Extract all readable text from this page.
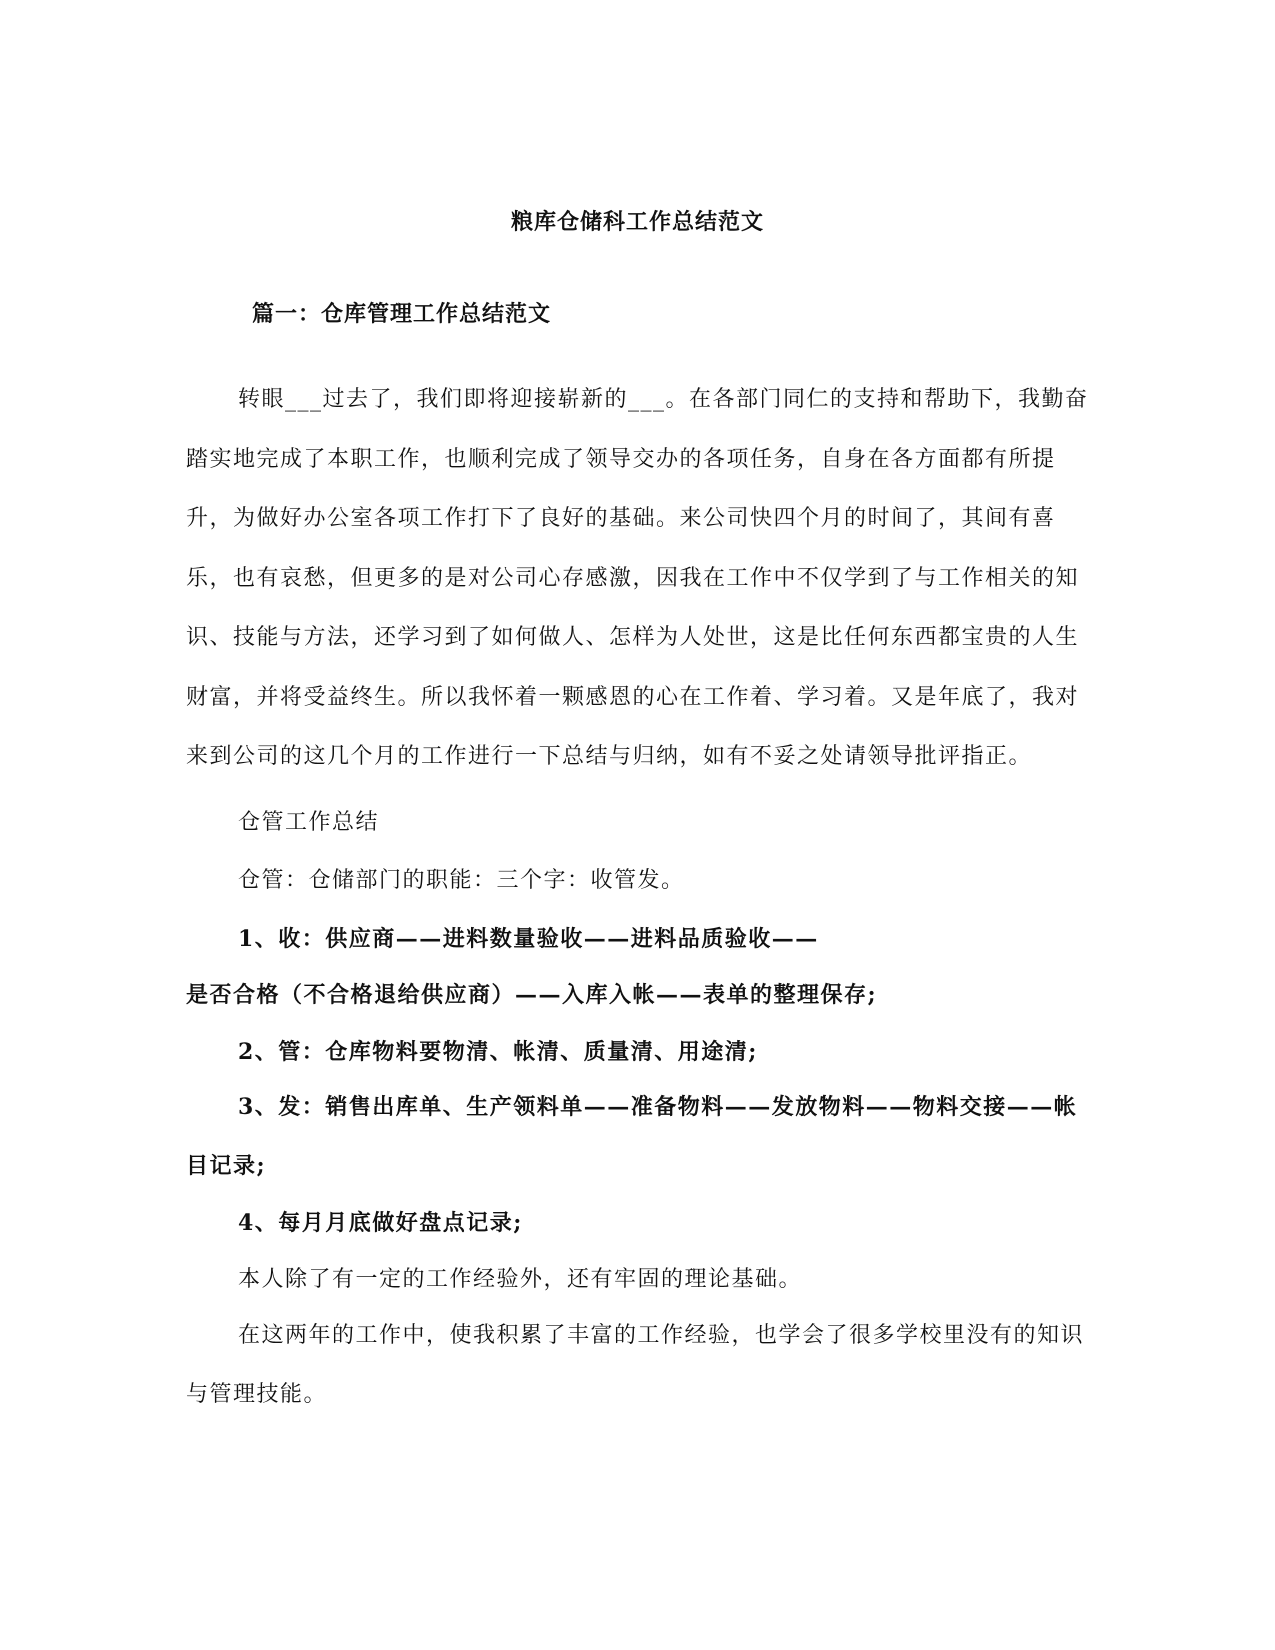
粮库仓储科工作总结范文
篇一：仓库管理工作总结范文
转眼___过去了，我们即将迎接崭新的___。在各部门同仁的支持和帮助下，我勤奋踏实地完成了本职工作，也顺利完成了领导交办的各项任务，自身在各方面都有所提升，为做好办公室各项工作打下了良好的基础。来公司快四个月的时间了，其间有喜乐，也有哀愁，但更多的是对公司心存感激，因我在工作中不仅学到了与工作相关的知识、技能与方法，还学习到了如何做人、怎样为人处世，这是比任何东西都宝贵的人生财富，并将受益终生。所以我怀着一颗感恩的心在工作着、学习着。又是年底了，我对来到公司的这几个月的工作进行一下总结与归纳，如有不妥之处请领导批评指正。
仓管工作总结
仓管：仓储部门的职能：三个字：收管发。
1、收：供应商——进料数量验收——进料品质验收——
是否合格（不合格退给供应商）——入库入帐——表单的整理保存;
2、管：仓库物料要物清、帐清、质量清、用途清;
3、发：销售出库单、生产领料单——准备物料——发放物料——物料交接——帐目记录;
4、每月月底做好盘点记录;
本人除了有一定的工作经验外，还有牢固的理论基础。
在这两年的工作中，使我积累了丰富的工作经验，也学会了很多学校里没有的知识与管理技能。
